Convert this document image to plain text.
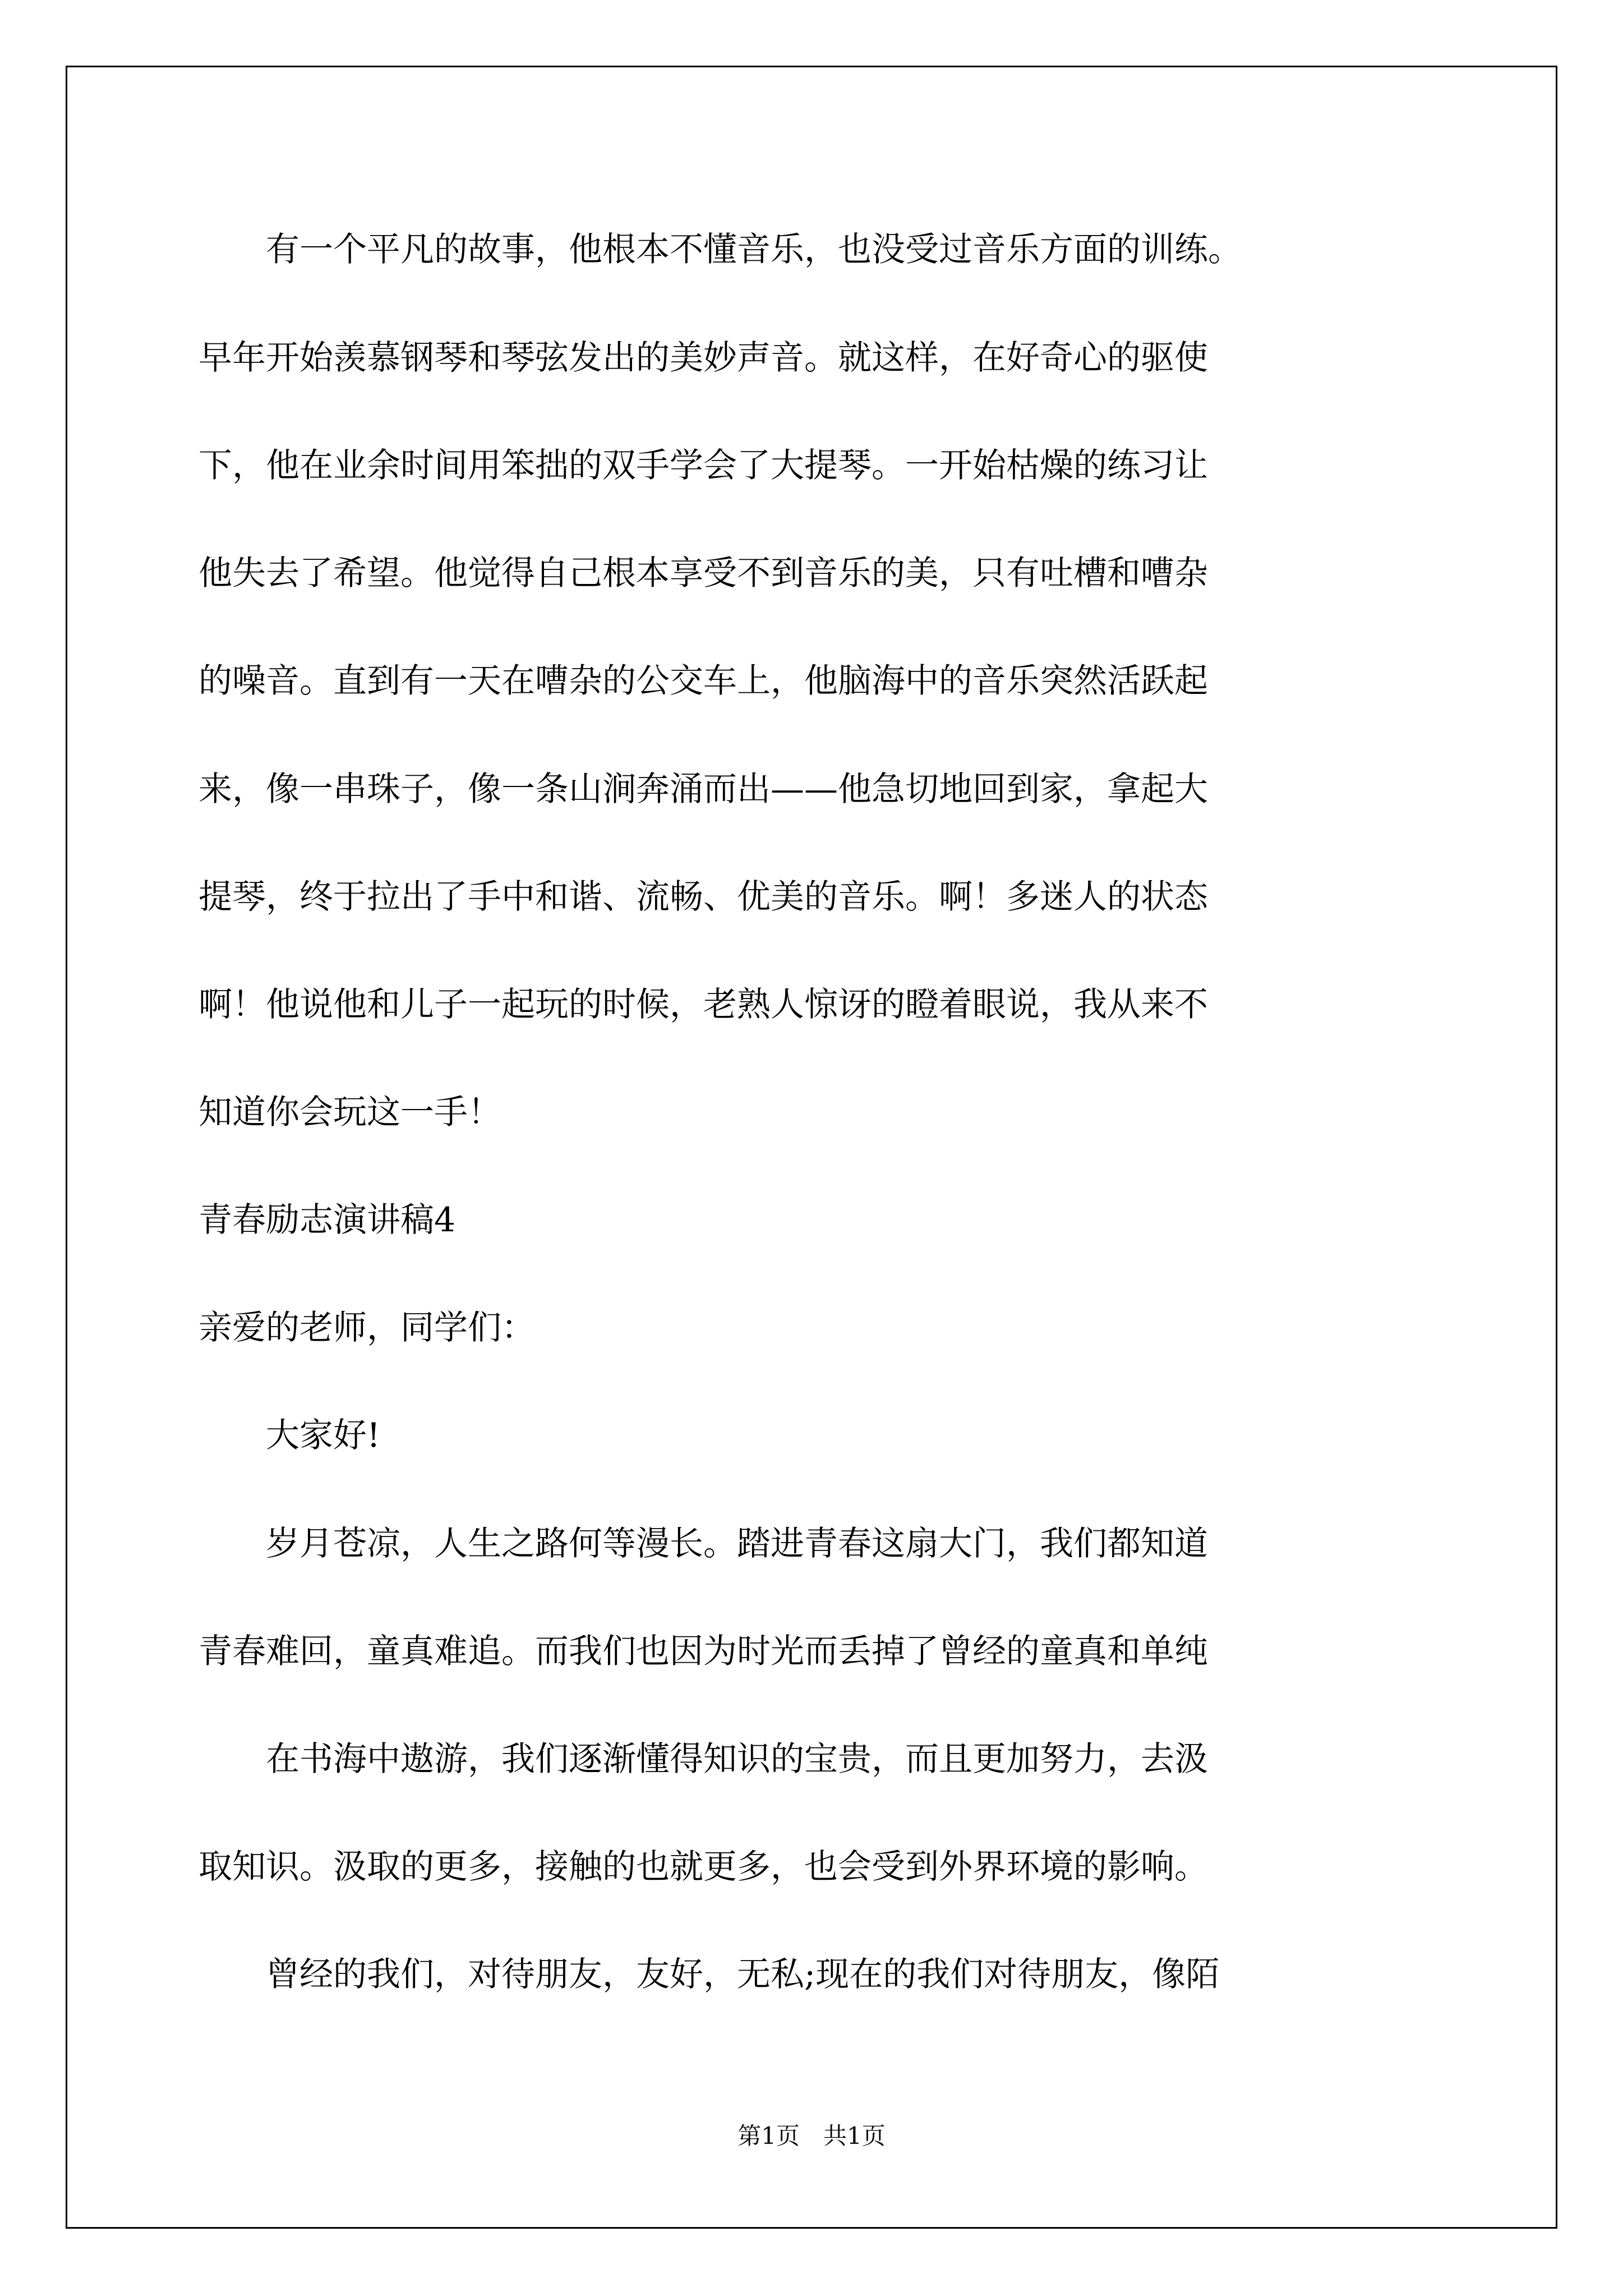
　　有一个平凡的故事，他根本不懂音乐，也没受过音乐方面的训练。
早年开始羡慕钢琴和琴弦发出的美妙声音。就这样，在好奇心的驱使
下，他在业余时间用笨拙的双手学会了大提琴。一开始枯燥的练习让
他失去了希望。他觉得自己根本享受不到音乐的美，只有吐槽和嘈杂
的噪音。直到有一天在嘈杂的公交车上，他脑海中的音乐突然活跃起
来，像一串珠子，像一条山涧奔涌而出——他急切地回到家，拿起大
提琴，终于拉出了手中和谐、流畅、优美的音乐。啊！多迷人的状态
啊！他说他和儿子一起玩的时候，老熟人惊讶的瞪着眼说，我从来不
知道你会玩这一手！
青春励志演讲稿4
亲爱的老师，同学们：
　　大家好!
　　岁月苍凉，人生之路何等漫长。踏进青春这扇大门，我们都知道
青春难回，童真难追。而我们也因为时光而丢掉了曾经的童真和单纯
　　在书海中遨游，我们逐渐懂得知识的宝贵，而且更加努力，去汲
取知识。汲取的更多，接触的也就更多，也会受到外界环境的影响。
　　曾经的我们，对待朋友，友好，无私;现在的我们对待朋友，像陌
第1页　共1页
